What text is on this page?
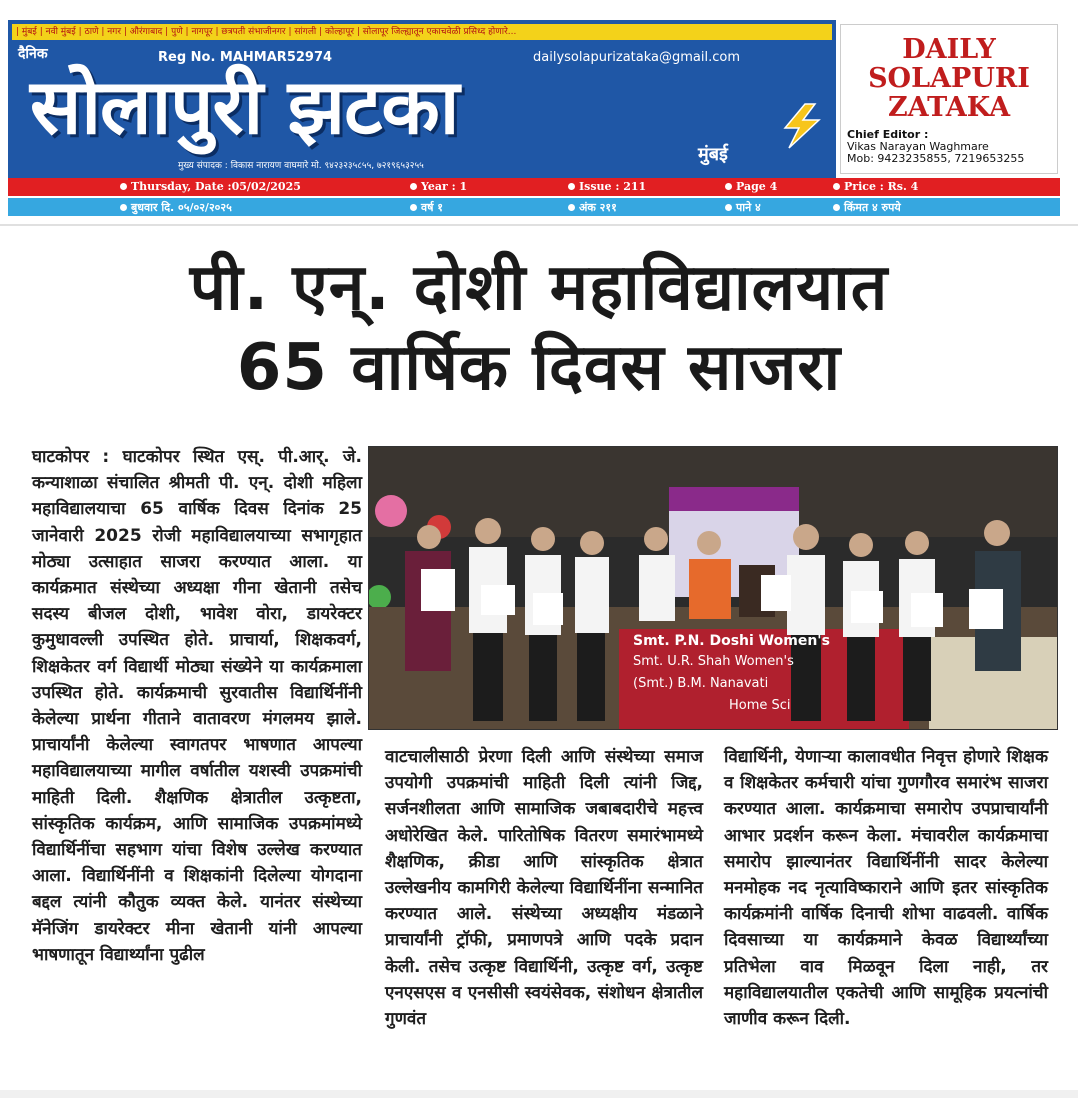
| मुंबई | नवी मुंबई | ठाणे | नगर | औरंगाबाद | पुणे | नागपूर | छत्रपती संभाजीनगर | सांगली | कोल्हापूर | सोलापूर जिल्ह्यातून एकाचवेळी प्रसिध्द होणारे...
दैनिक	Reg No. MAHMAR52974	dailysolapurizataka@gmail.com
सोलापुरी झटका
मुंबई
मुख्य संपादक : विकास नारायण वाघमारे मो. ९४२३२३५८५५, ७२१९६५३२५५
DAILY
SOLAPURI
ZATAKA
Chief Editor :
Vikas Narayan Waghmare
Mob: 9423235855, 7219653255
Thursday, Date :05/02/2025	Year : 1	Issue : 211	Page 4	Price : Rs. 4
बुधवार दि. ०५/०२/२०२५	वर्ष १	अंक २११	पाने ४	किंमत ४ रुपये
पी. एन्. दोशी महाविद्यालयात
65 वार्षिक दिवस साजरा
Smt. P.N. Doshi Women's
Smt. U.R. Shah Women's
(Smt.) B.M. Nanavati
Home Sci
घाटकोपर : घाटकोपर स्थित एस्. पी.आर्. जे. कन्याशाळा संचालित श्रीमती पी. एन्. दोशी महिला महाविद्यालयाचा 65 वार्षिक दिवस दिनांक 25 जानेवारी 2025 रोजी महाविद्यालयाच्या सभागृहात मोठ्या उत्साहात साजरा करण्यात आला. या कार्यक्रमात संस्थेच्या अध्यक्षा गीना खेतानी तसेच सदस्य बीजल दोशी, भावेश वोरा, डायरेक्टर कुमुधावल्ली उपस्थित होते. प्राचार्या, शिक्षकवर्ग, शिक्षकेतर वर्ग विद्यार्थी मोठ्या संख्येने या कार्यक्रमाला उपस्थित होते. कार्यक्रमाची सुरवातीस विद्यार्थिनींनी केलेल्या प्रार्थना गीताने वातावरण मंगलमय झाले. प्राचार्यांनी केलेल्या स्वागतपर भाषणात आपल्या महाविद्यालयाच्या मागील वर्षातील यशस्वी उपक्रमांची माहिती दिली. शैक्षणिक क्षेत्रातील उत्कृष्टता, सांस्कृतिक कार्यक्रम, आणि सामाजिक उपक्रमांमध्ये विद्यार्थिनींचा सहभाग यांचा विशेष उल्लेख करण्यात आला. विद्यार्थिनींनी व शिक्षकांनी दिलेल्या योगदाना बद्दल त्यांनी कौतुक व्यक्त केले. यानंतर संस्थेच्या मॅनेजिंग डायरेक्टर मीना खेतानी यांनी आपल्या भाषणातून विद्यार्थ्यांना पुढील
वाटचालीसाठी प्रेरणा दिली आणि संस्थेच्या समाज उपयोगी उपक्रमांची माहिती दिली त्यांनी जिद्द, सर्जनशीलता आणि सामाजिक जबाबदारीचे महत्त्व अधोरेखित केले. पारितोषिक वितरण समारंभामध्ये शैक्षणिक, क्रीडा आणि सांस्कृतिक क्षेत्रात उल्लेखनीय कामगिरी केलेल्या विद्यार्थिनींना सन्मानित करण्यात आले. संस्थेच्या अध्यक्षीय मंडळाने प्राचार्यांनी ट्रॉफी, प्रमाणपत्रे आणि पदके प्रदान केली. तसेच उत्कृष्ट विद्यार्थिनी, उत्कृष्ट वर्ग, उत्कृष्ट एनएसएस व एनसीसी स्वयंसेवक, संशोधन क्षेत्रातील गुणवंत
विद्यार्थिनी, येणाऱ्या कालावधीत निवृत्त होणारे शिक्षक व शिक्षकेतर कर्मचारी यांचा गुणगौरव समारंभ साजरा करण्यात आला. कार्यक्रमाचा समारोप उपप्राचार्यांनी आभार प्रदर्शन करून केला. मंचावरील कार्यक्रमाचा समारोप झाल्यानंतर विद्यार्थिनींनी सादर केलेल्या मनमोहक नद नृत्याविष्काराने आणि इतर सांस्कृतिक कार्यक्रमांनी वार्षिक दिनाची शोभा वाढवली. वार्षिक दिवसाच्या या कार्यक्रमाने केवळ विद्यार्थ्यांच्या प्रतिभेला वाव मिळवून दिला नाही, तर महाविद्यालयातील एकतेची आणि सामूहिक प्रयत्नांची जाणीव करून दिली.
